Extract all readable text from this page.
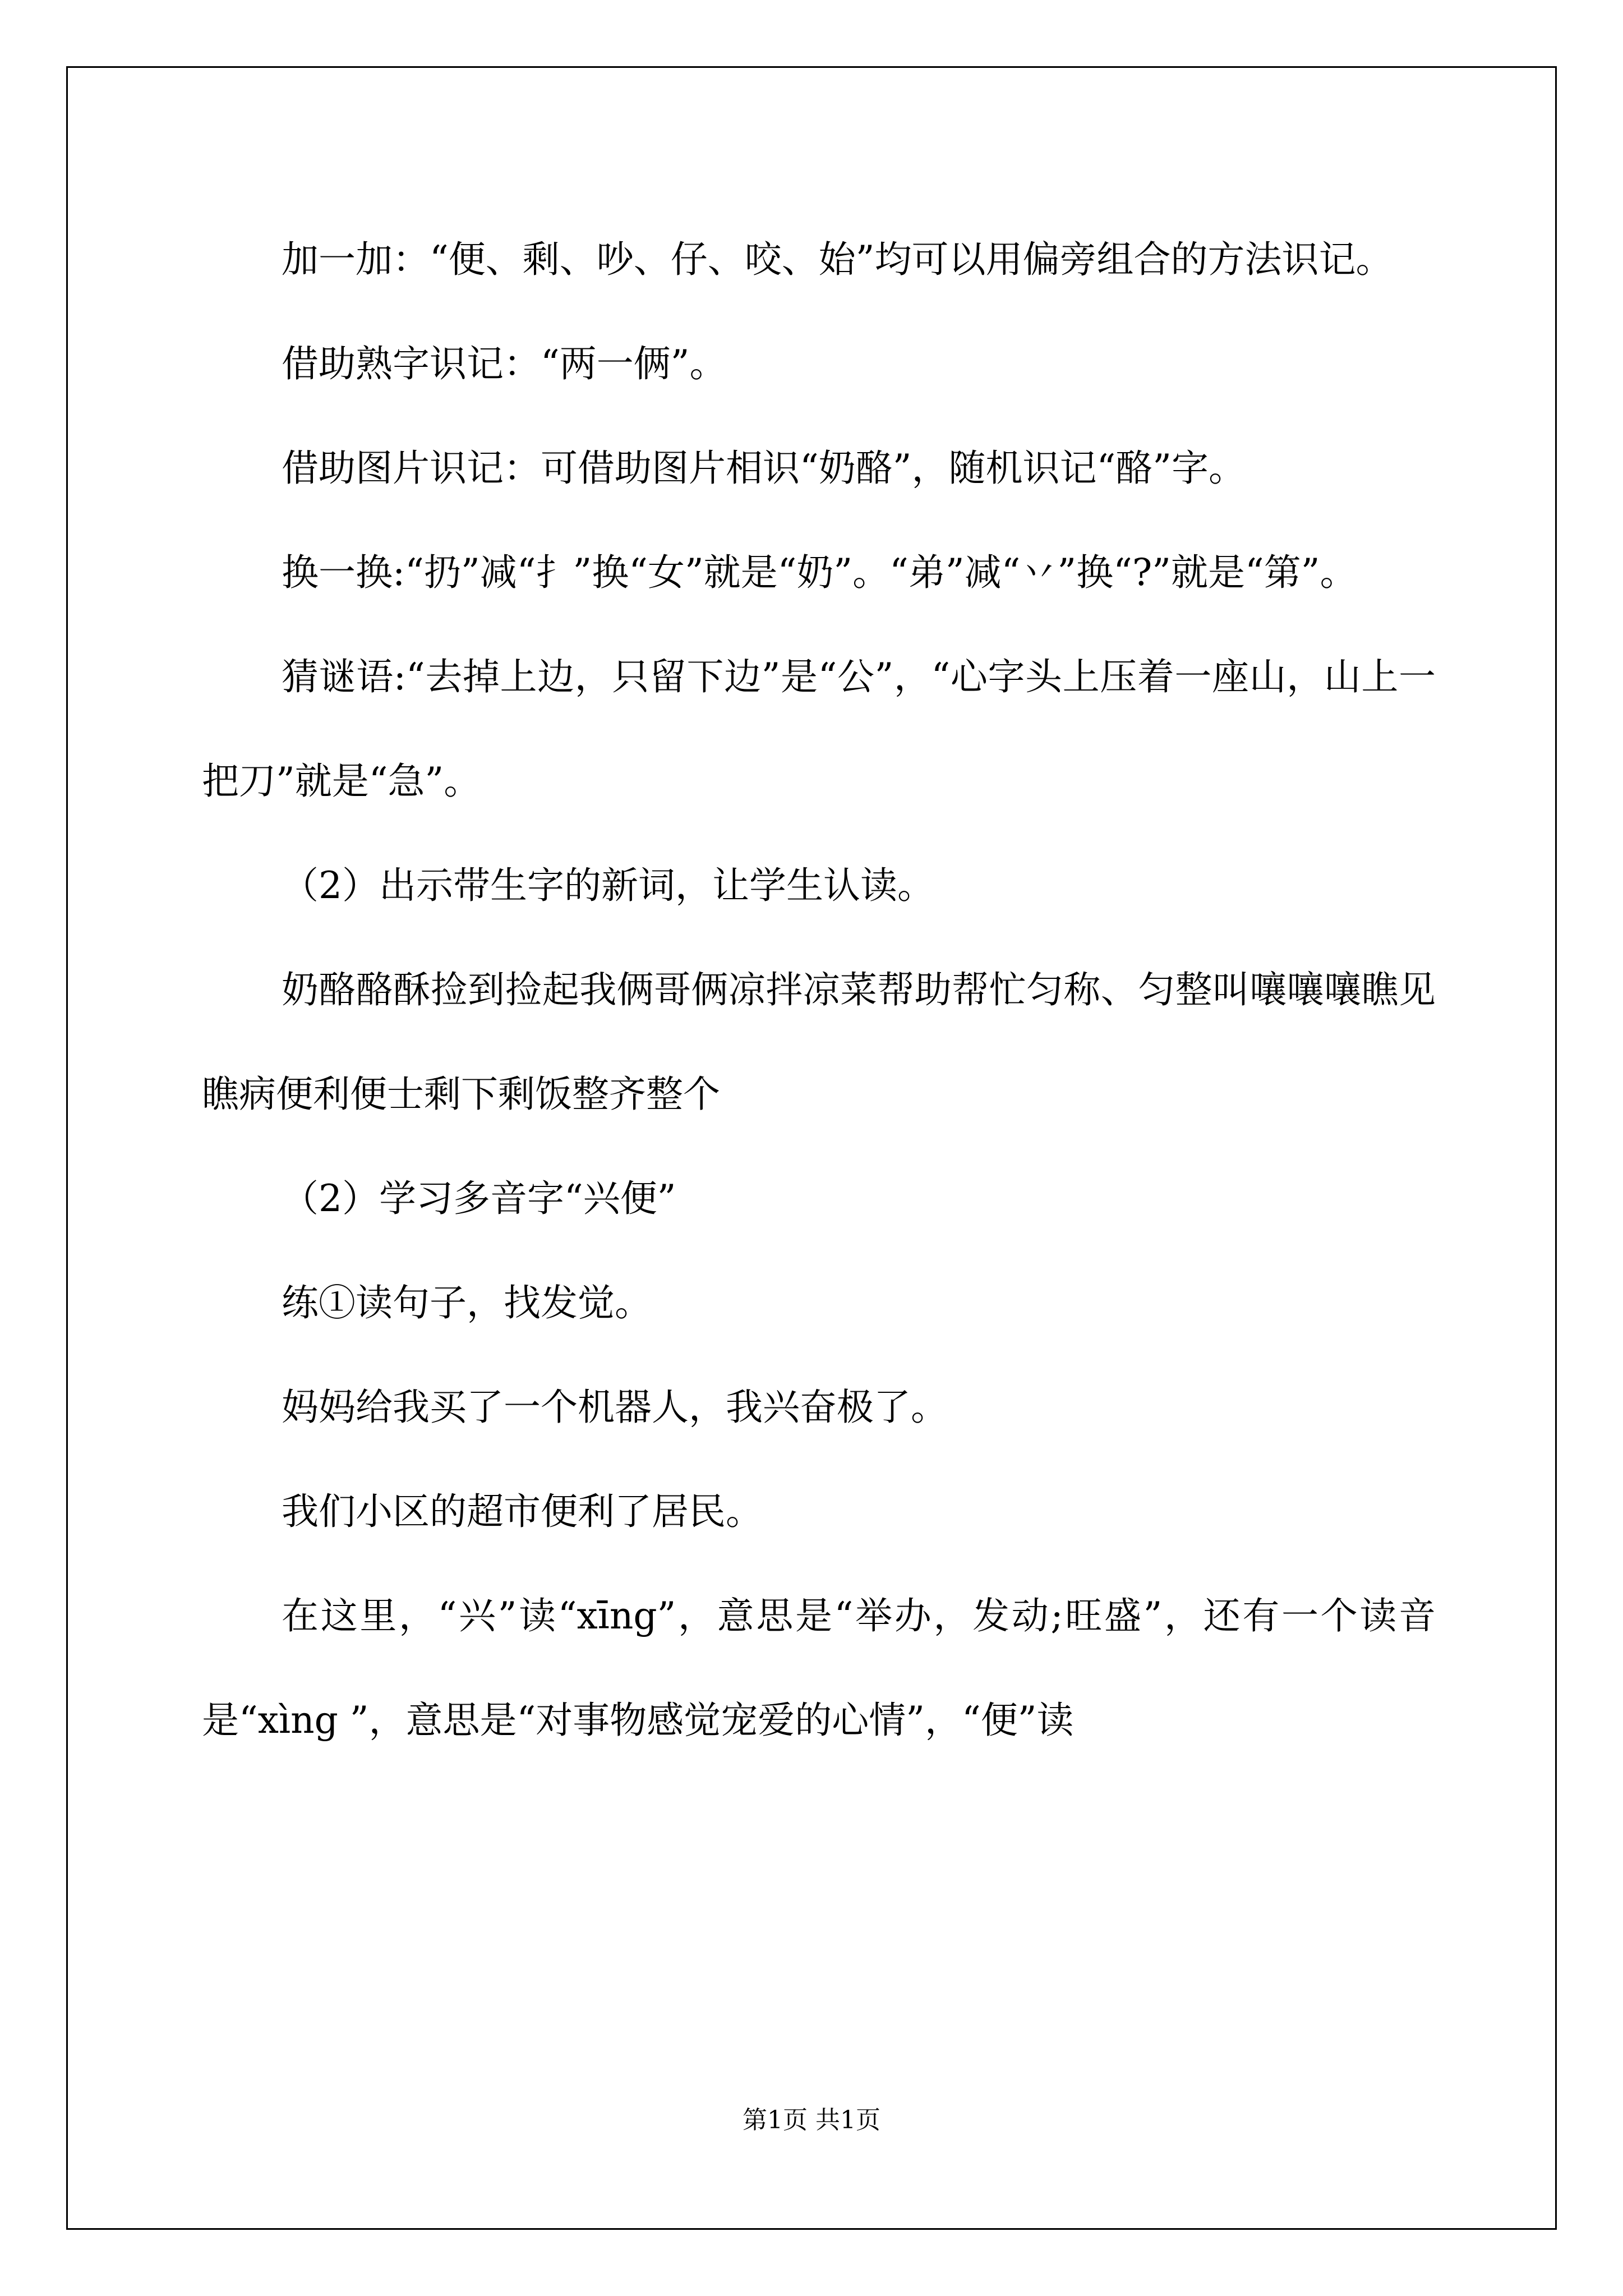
加一加：“便、剩、吵、仔、咬、始”均可以用偏旁组合的方法识记。

借助熟字识记：“两一俩”。

借助图片识记：可借助图片相识“奶酪”，随机识记“酪”字。

换一换:“扔”减“扌”换“女”就是“奶”。“弟”减“丷”换“?”就是“第”。

猜谜语:“去掉上边，只留下边”是“公”，“心字头上压着一座山，山上一把刀”就是“急”。

（2）出示带生字的新词，让学生认读。

奶酪酪酥捡到捡起我俩哥俩凉拌凉菜帮助帮忙匀称、匀整叫嚷嚷嚷瞧见瞧病便利便士剩下剩饭整齐整个

（2）学习多音字“兴便”

练①读句子，找发觉。

妈妈给我买了一个机器人，我兴奋极了。

我们小区的超市便利了居民。

在这里，“兴”读“xīng”，意思是“举办，发动;旺盛”，还有一个读音是“xìng ”，意思是“对事物感觉宠爱的心情”，“便”读

第1页 共1页
